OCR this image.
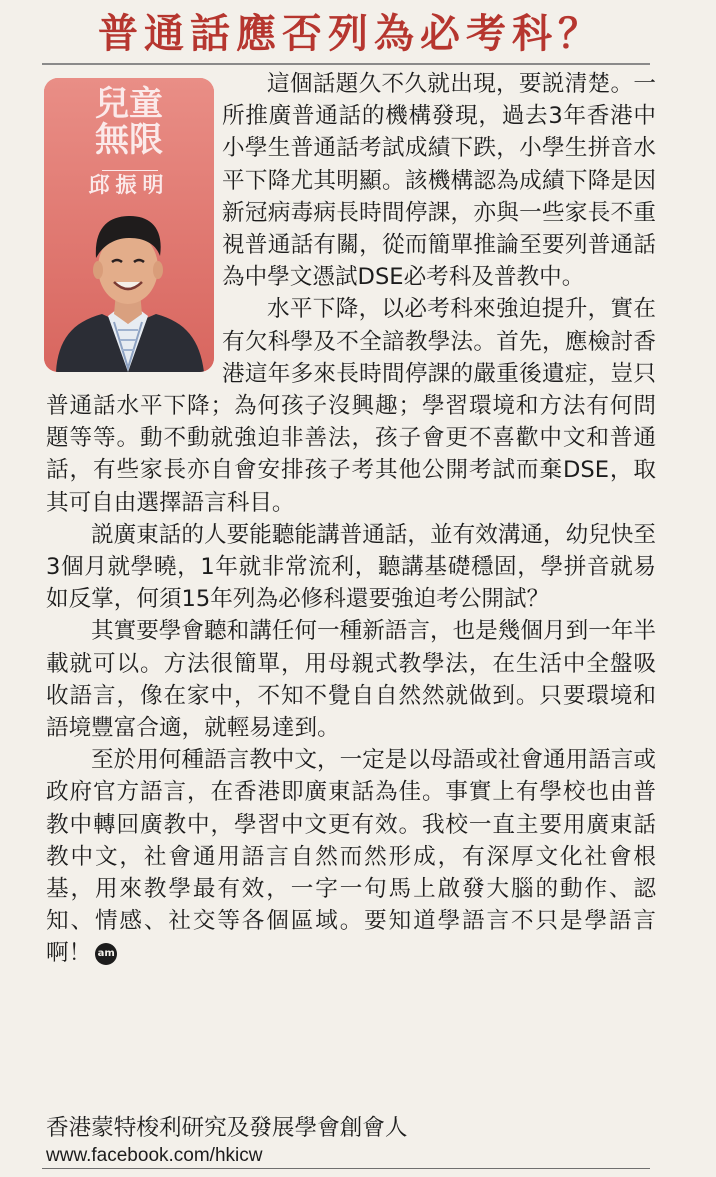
普通話應否列為必考科？
兒童
無限
邱振明

這個話題久不久就出現，要説清楚。一所推廣普通話的機構發現，過去3年香港中小學生普通話考試成績下跌，小學生拼音水平下降尤其明顯。該機構認為成績下降是因新冠病毒病長時間停課，亦與一些家長不重視普通話有關，從而簡單推論至要列普通話為中學文憑試DSE必考科及普教中。

水平下降，以必考科來強迫提升，實在有欠科學及不全諳教學法。首先，應檢討香港這年多來長時間停課的嚴重後遺症，豈只普通話水平下降；為何孩子沒興趣；學習環境和方法有何問題等等。動不動就強迫非善法，孩子會更不喜歡中文和普通話，有些家長亦自會安排孩子考其他公開考試而棄DSE，取其可自由選擇語言科目。

説廣東話的人要能聽能講普通話，並有效溝通，幼兒快至3個月就學曉，1年就非常流利，聽講基礎穩固，學拼音就易如反掌，何須15年列為必修科還要強迫考公開試？

其實要學會聽和講任何一種新語言，也是幾個月到一年半載就可以。方法很簡單，用母親式教學法，在生活中全盤吸收語言，像在家中，不知不覺自自然然就做到。只要環境和語境豐富合適，就輕易達到。

至於用何種語言教中文，一定是以母語或社會通用語言或政府官方語言，在香港即廣東話為佳。事實上有學校也由普教中轉回廣教中，學習中文更有效。我校一直主要用廣東話教中文，社會通用語言自然而然形成，有深厚文化社會根基，用來教學最有效，一字一句馬上啟發大腦的動作、認知、情感、社交等各個區域。要知道學語言不只是學語言啊！ am

香港蒙特梭利研究及發展學會創會人
www.facebook.com/hkicw
